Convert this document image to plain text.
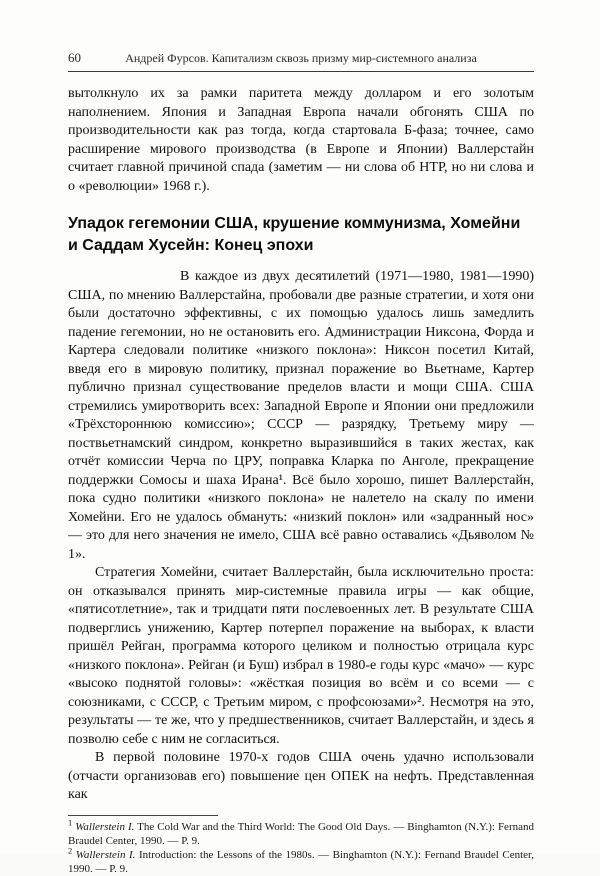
60	Андрей Фурсов. Капитализм сквозь призму мир-системного анализа

вытолкнуло их за рамки паритета между долларом и его золотым наполнением. Япония и Западная Европа начали обгонять США по производительности как раз тогда, когда стартовала Б-фаза; точнее, само расширение мирового производства (в Европе и Японии) Валлерстайн считает главной причиной спада (заметим — ни слова об НТР, но ни слова и о «революции» 1968 г.).

Упадок гегемонии США, крушение коммунизма, Хомейни и Саддам Хусейн: Конец эпохи

В каждое из двух десятилетий (1971—1980, 1981—1990) США, по мнению Валлерстайна, пробовали две разные стратегии, и хотя они были достаточно эффективны, с их помощью удалось лишь замедлить падение гегемонии, но не остановить его. Администрации Никсона, Форда и Картера следовали политике «низкого поклона»: Никсон посетил Китай, введя его в мировую политику, признал поражение во Вьетнаме, Картер публично признал существование пределов власти и мощи США. США стремились умиротворить всех: Западной Европе и Японии они предложили «Трёхстороннюю комиссию»; СССР — разрядку, Третьему миру — поствьетнамский синдром, конкретно выразившийся в таких жестах, как отчёт комиссии Черча по ЦРУ, поправка Кларка по Анголе, прекращение поддержки Сомосы и шаха Ирана¹. Всё было хорошо, пишет Валлерстайн, пока судно политики «низкого поклона» не налетело на скалу по имени Хомейни. Его не удалось обмануть: «низкий поклон» или «задранный нос» — это для него значения не имело, США всё равно оставались «Дьяволом № 1».

Стратегия Хомейни, считает Валлерстайн, была исключительно проста: он отказывался принять мир-системные правила игры — как общие, «пятисотлетние», так и тридцати пяти послевоенных лет. В результате США подверглись унижению, Картер потерпел поражение на выборах, к власти пришёл Рейган, программа которого целиком и полностью отрицала курс «низкого поклона». Рейган (и Буш) избрал в 1980-е годы курс «мачо» — курс «высоко поднятой головы»: «жёсткая позиция во всём и со всеми — с союзниками, с СССР, с Третьим миром, с профсоюзами»². Несмотря на это, результаты — те же, что у предшественников, считает Валлерстайн, и здесь я позволю себе с ним не согласиться.

В первой половине 1970-х годов США очень удачно использовали (отчасти организовав его) повышение цен ОПЕК на нефть. Представленная как

$^1$ Wallerstein I. The Cold War and the Third World: The Good Old Days. — Binghamton (N.Y.): Fernand Braudel Center, 1990. — P. 9.

$^2$ Wallerstein I. Introduction: the Lessons of the 1980s. — Binghamton (N.Y.): Fernand Braudel Center, 1990. — P. 9.
